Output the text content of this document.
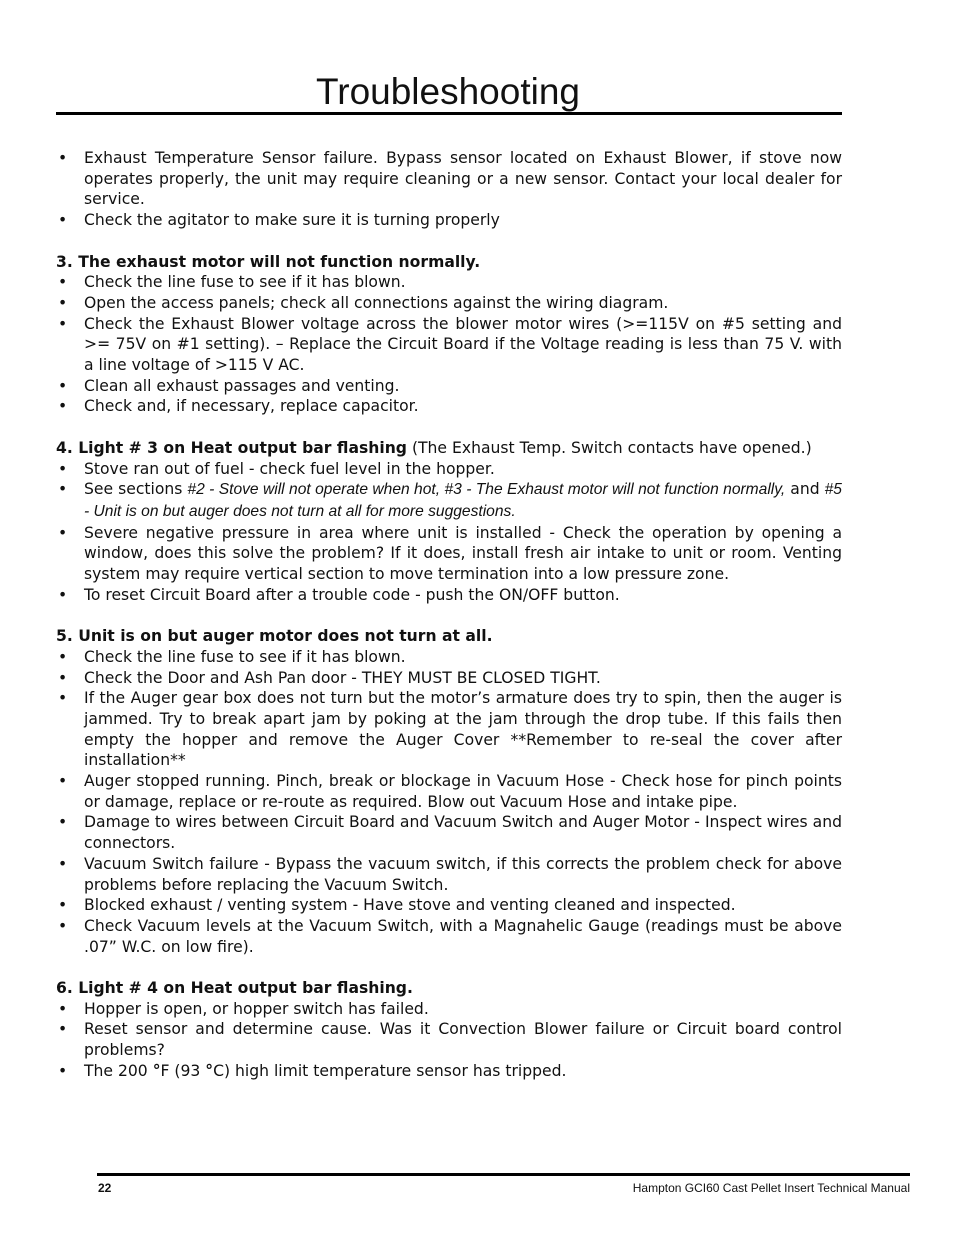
Troubleshooting
• Exhaust Temperature Sensor failure. Bypass sensor located on Exhaust Blower, if stove now operates properly, the unit may require cleaning or a new sensor. Contact your local dealer for service.
• Check the agitator to make sure it is turning properly

3. The exhaust motor will not function normally.

• Check the line fuse to see if it has blown.
• Open the access panels; check all connections against the wiring diagram.
• Check the Exhaust Blower voltage across the blower motor wires (>=115V on #5 setting and >= 75V on #1 setting). – Replace the Circuit Board if the Voltage reading is less than 75 V. with a line voltage of >115 V AC.
• Clean all exhaust passages and venting.
• Check and, if necessary, replace capacitor.

4. Light # 3 on Heat output bar flashing (The Exhaust Temp. Switch contacts have opened.)

• Stove ran out of fuel - check fuel level in the hopper.
• See sections #2 - Stove will not operate when hot, #3 - The Exhaust motor will not function normally, and #5 - Unit is on but auger does not turn at all for more suggestions.
• Severe negative pressure in area where unit is installed - Check the operation by opening a window, does this solve the problem? If it does, install fresh air intake to unit or room. Venting system may require vertical section to move termination into a low pressure zone.
• To reset Circuit Board after a trouble code - push the ON/OFF button.

5. Unit is on but auger motor does not turn at all.

• Check the line fuse to see if it has blown.
• Check the Door and Ash Pan door - THEY MUST BE CLOSED TIGHT.
• If the Auger gear box does not turn but the motor’s armature does try to spin, then the auger is jammed. Try to break apart jam by poking at the jam through the drop tube. If this fails then empty the hopper and remove the Auger Cover **Remember to re-seal the cover after installation**
• Auger stopped running. Pinch, break or blockage in Vacuum Hose - Check hose for pinch points or damage, replace or re-route as required. Blow out Vacuum Hose and intake pipe.
• Damage to wires between Circuit Board and Vacuum Switch and Auger Motor - Inspect wires and connectors.
• Vacuum Switch failure - Bypass the vacuum switch, if this corrects the problem check for above problems before replacing the Vacuum Switch.
• Blocked exhaust / venting system - Have stove and venting cleaned and inspected.
• Check Vacuum levels at the Vacuum Switch, with a Magnahelic Gauge (readings must be above .07” W.C. on low fire).

6. Light # 4 on Heat output bar flashing.

• Hopper is open, or hopper switch has failed.
• Reset sensor and determine cause. Was it Convection Blower failure or Circuit board control problems?
• The 200 °F (93 °C) high limit temperature sensor has tripped.
22	Hampton GCI60 Cast Pellet Insert Technical Manual
